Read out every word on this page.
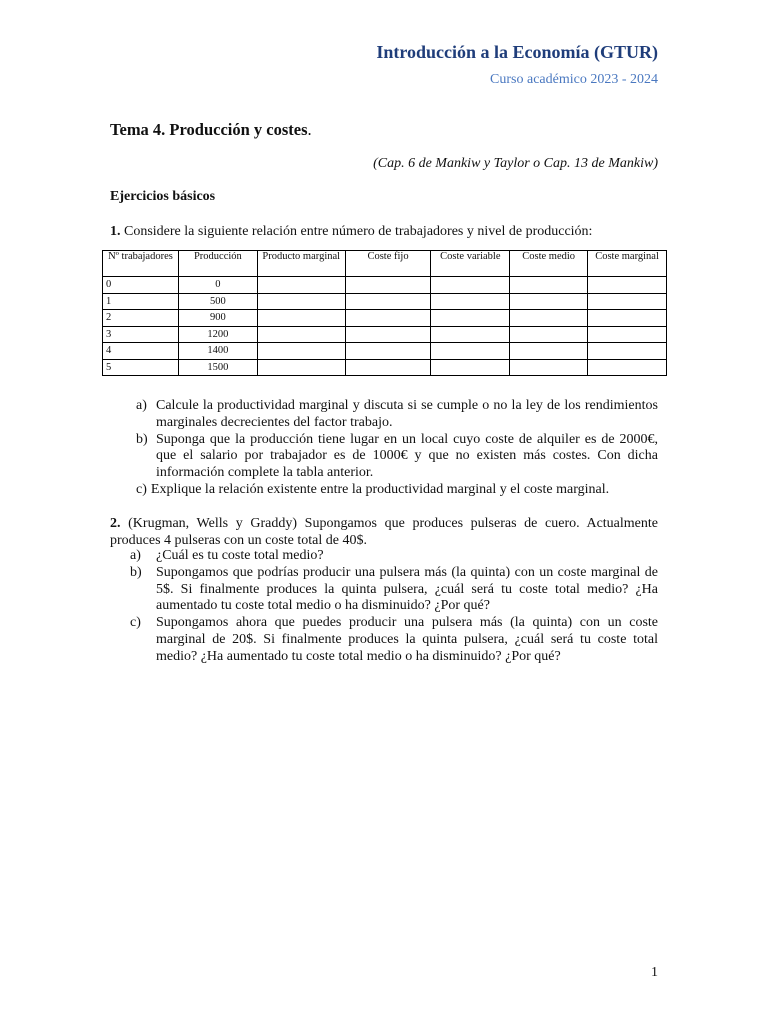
Introducción a la Economía (GTUR)
Curso académico 2023 - 2024
Tema 4. Producción y costes.
(Cap. 6 de Mankiw y Taylor o Cap. 13 de Mankiw)
Ejercicios básicos
1. Considere la siguiente relación entre número de trabajadores y nivel de producción:
Nº trabajadores	Producción	Producto marginal	Coste fijo	Coste variable	Coste medio	Coste marginal
0	0					
1	500					
2	900					
3	1200					
4	1400					
5	1500					
a) Calcule la productividad marginal y discuta si se cumple o no la ley de los rendimientos marginales decrecientes del factor trabajo.
b) Suponga que la producción tiene lugar en un local cuyo coste de alquiler es de 2000€, que el salario por trabajador es de 1000€ y que no existen más costes. Con dicha información complete la tabla anterior.
c) Explique la relación existente entre la productividad marginal y el coste marginal.
2. (Krugman, Wells y Graddy) Supongamos que produces pulseras de cuero. Actualmente produces 4 pulseras con un coste total de 40$.
a) ¿Cuál es tu coste total medio?
b) Supongamos que podrías producir una pulsera más (la quinta) con un coste marginal de 5$. Si finalmente produces la quinta pulsera, ¿cuál será tu coste total medio? ¿Ha aumentado tu coste total medio o ha disminuido? ¿Por qué?
c) Supongamos ahora que puedes producir una pulsera más (la quinta) con un coste marginal de 20$. Si finalmente produces la quinta pulsera, ¿cuál será tu coste total medio? ¿Ha aumentado tu coste total medio o ha disminuido? ¿Por qué?
1
